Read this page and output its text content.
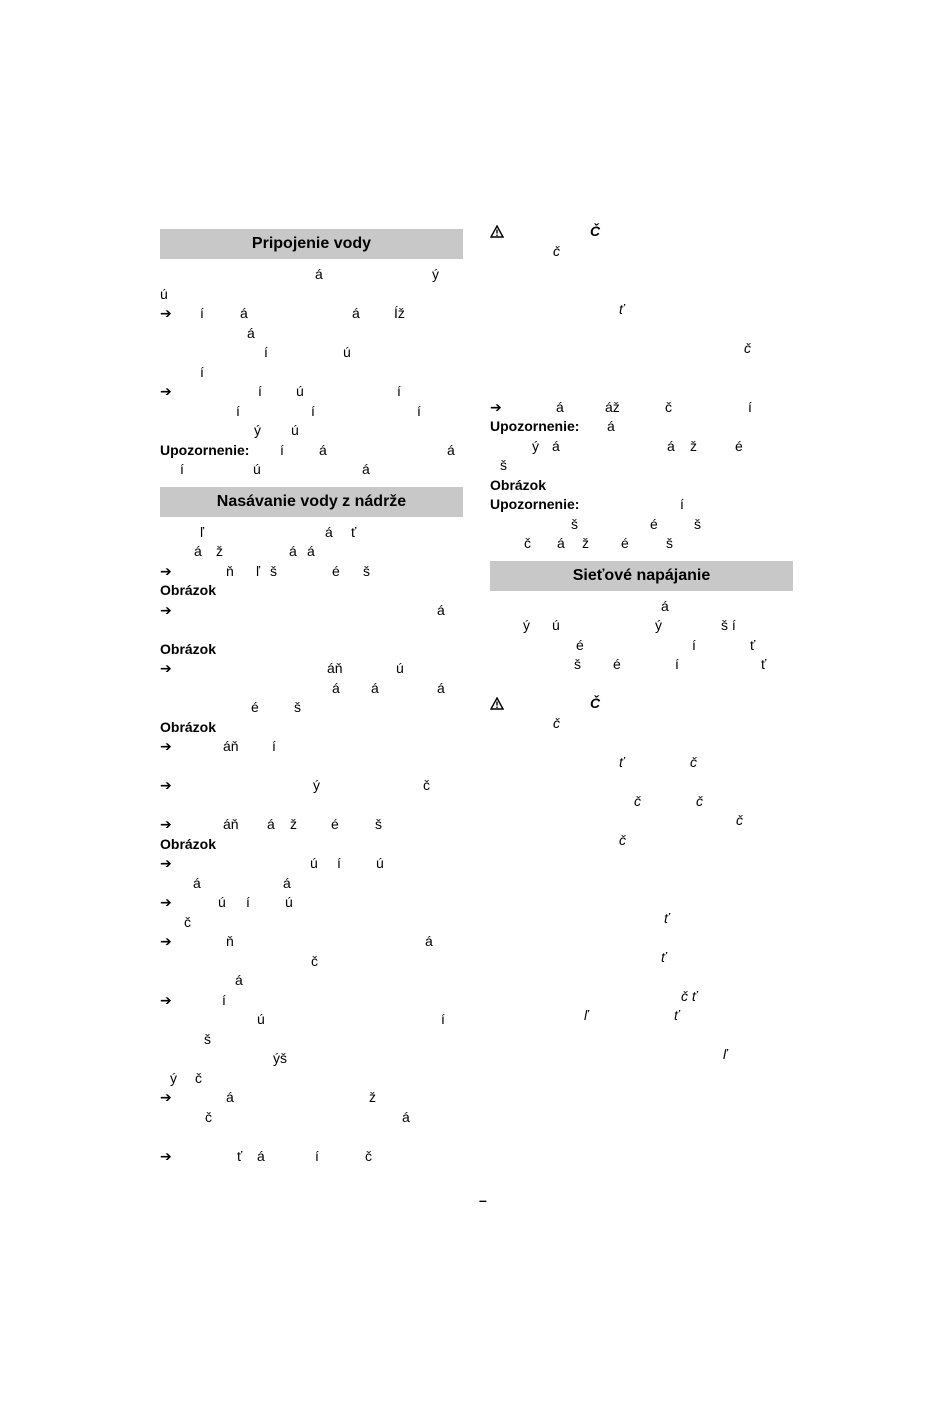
Pripojenie vody
á	ý
ú
➔ í	á	á Íž
á
í	ú
í
➔	í ú	í
í	í	í
ý ú
Upozornenie: í	á	á
í	ú	á
Nasávanie vody z nádrže
ľ	á ť
á ž	á á
➔	ň ľ š	é š
Obrázok
➔	á
Obrázok
➔	áň	ú
á á	á
é	š
Obrázok
➔	áň í
➔	ý	č
➔	áň á ž é	š
Obrázok
➔	ú í	ú
á	á
➔	ú í	ú
č
➔	ň	á
č
á
➔	í
ú	í
š
ýš
ý č
➔	á	ž
č	á
➔	ť á	í	č

Č

č
ť
č
➔	á	áž	č	í
Upozornenie: á
ý á	á ž	é
š
Obrázok
Upozornenie:	í
š	é	š
č á ž é	š
Sieťové napájanie
á
ý ú	ý	š í
é	í	ť
š é	í	ť

Č

č
ť	č
č	č
č
č
ť
ť
č ť
ľ	ť
ľ
–
